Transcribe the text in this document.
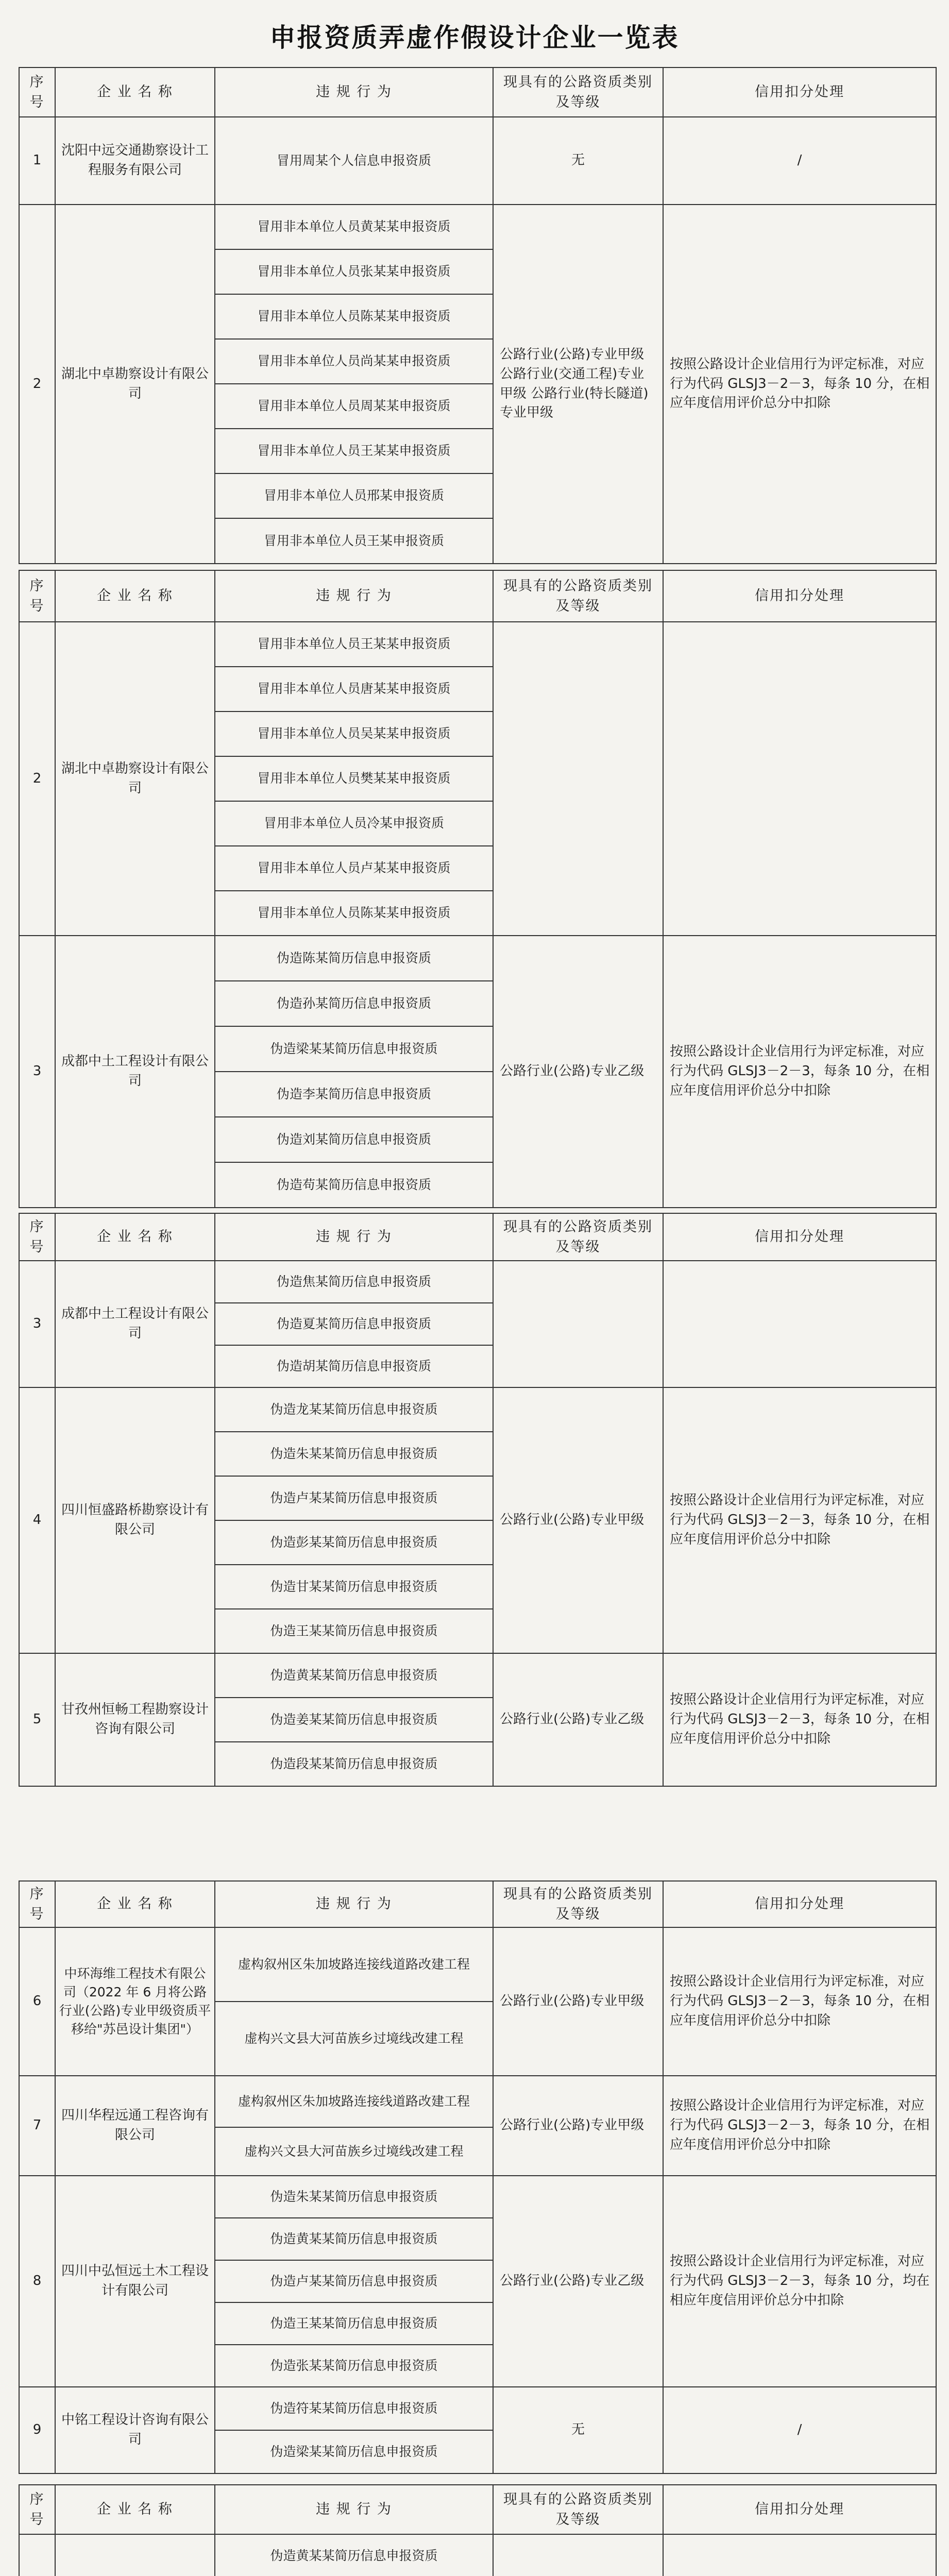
申报资质弄虚作假设计企业一览表
序号	企 业 名 称	违 规 行 为	现具有的公路资质类别及等级	信用扣分处理
1	沈阳中远交通勘察设计工程服务有限公司	冒用周某个人信息申报资质	无	/
2	湖北中卓勘察设计有限公司	冒用非本单位人员黄某某申报资质	公路行业(公路)专业甲级 公路行业(交通工程)专业甲级 公路行业(特长隧道)专业甲级	按照公路设计企业信用行为评定标准，对应行为代码 GLSJ3－2－3，每条 10 分，在相应年度信用评价总分中扣除
		冒用非本单位人员张某某申报资质		
		冒用非本单位人员陈某某申报资质		
		冒用非本单位人员尚某某申报资质		
		冒用非本单位人员周某某申报资质		
		冒用非本单位人员王某某申报资质		
		冒用非本单位人员邢某申报资质		
		冒用非本单位人员王某申报资质		
序号	企 业 名 称	违 规 行 为	现具有的公路资质类别及等级	信用扣分处理
2	湖北中卓勘察设计有限公司	冒用非本单位人员王某某申报资质		
		冒用非本单位人员唐某某申报资质		
		冒用非本单位人员吴某某申报资质		
		冒用非本单位人员樊某某申报资质		
		冒用非本单位人员冷某申报资质		
		冒用非本单位人员卢某某申报资质		
		冒用非本单位人员陈某某申报资质		
3	成都中土工程设计有限公司	伪造陈某简历信息申报资质	公路行业(公路)专业乙级	按照公路设计企业信用行为评定标准，对应行为代码 GLSJ3－2－3，每条 10 分，在相应年度信用评价总分中扣除
		伪造孙某简历信息申报资质		
		伪造梁某某简历信息申报资质		
		伪造李某简历信息申报资质		
		伪造刘某简历信息申报资质		
		伪造苟某简历信息申报资质		
序号	企 业 名 称	违 规 行 为	现具有的公路资质类别及等级	信用扣分处理
3	成都中土工程设计有限公司	伪造焦某简历信息申报资质		
		伪造夏某简历信息申报资质		
		伪造胡某简历信息申报资质		
4	四川恒盛路桥勘察设计有限公司	伪造龙某某简历信息申报资质	公路行业(公路)专业甲级	按照公路设计企业信用行为评定标准，对应行为代码 GLSJ3－2－3，每条 10 分，在相应年度信用评价总分中扣除
		伪造朱某某简历信息申报资质		
		伪造卢某某简历信息申报资质		
		伪造彭某某简历信息申报资质		
		伪造甘某某简历信息申报资质		
		伪造王某某简历信息申报资质		
5	甘孜州恒畅工程勘察设计咨询有限公司	伪造黄某某简历信息申报资质	公路行业(公路)专业乙级	按照公路设计企业信用行为评定标准，对应行为代码 GLSJ3－2－3，每条 10 分，在相应年度信用评价总分中扣除
		伪造姜某某简历信息申报资质		
		伪造段某某简历信息申报资质		
序号	企 业 名 称	违 规 行 为	现具有的公路资质类别及等级	信用扣分处理
6	中环海维工程技术有限公司（2022 年 6 月将公路行业(公路)专业甲级资质平移给"苏邑设计集团"）	虚构叙州区朱加坡路连接线道路改建工程	公路行业(公路)专业甲级	按照公路设计企业信用行为评定标准，对应行为代码 GLSJ3－2－3，每条 10 分，在相应年度信用评价总分中扣除
		虚构兴文县大河苗族乡过境线改建工程		
7	四川华程远通工程咨询有限公司	虚构叙州区朱加坡路连接线道路改建工程	公路行业(公路)专业甲级	按照公路设计企业信用行为评定标准，对应行为代码 GLSJ3－2－3，每条 10 分，在相应年度信用评价总分中扣除
		虚构兴文县大河苗族乡过境线改建工程		
8	四川中弘恒远土木工程设计有限公司	伪造朱某某简历信息申报资质	公路行业(公路)专业乙级	按照公路设计企业信用行为评定标准，对应行为代码 GLSJ3－2－3，每条 10 分，均在相应年度信用评价总分中扣除
		伪造黄某某简历信息申报资质		
		伪造卢某某简历信息申报资质		
		伪造王某某简历信息申报资质		
		伪造张某某简历信息申报资质		
9	中铭工程设计咨询有限公司	伪造符某某简历信息申报资质	无	/
		伪造梁某某简历信息申报资质		
序号	企 业 名 称	违 规 行 为	现具有的公路资质类别及等级	信用扣分处理
		伪造黄某某简历信息申报资质		
